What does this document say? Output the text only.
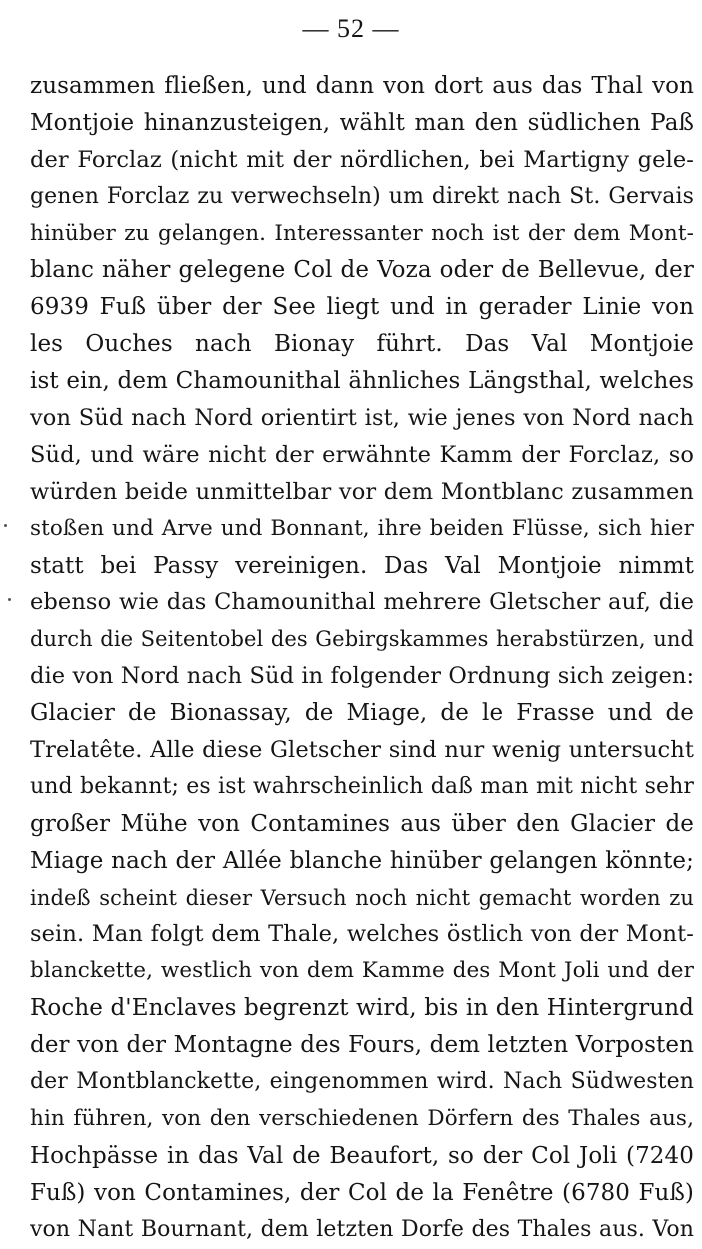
— 52 —
zusammen fließen, und dann von dort aus das Thal von
Montjoie hinanzusteigen, wählt man den südlichen Paß
der Forclaz (nicht mit der nördlichen, bei Martigny gele-
genen Forclaz zu verwechseln) um direkt nach St. Gervais
hinüber zu gelangen. Interessanter noch ist der dem Mont-
blanc näher gelegene Col de Voza oder de Bellevue, der
6939 Fuß über der See liegt und in gerader Linie von
les Ouches nach Bionay führt. Das Val Montjoie
ist ein, dem Chamounithal ähnliches Längsthal, welches
von Süd nach Nord orientirt ist, wie jenes von Nord nach
Süd, und wäre nicht der erwähnte Kamm der Forclaz, so
würden beide unmittelbar vor dem Montblanc zusammen
stoßen und Arve und Bonnant, ihre beiden Flüsse, sich hier
statt bei Passy vereinigen. Das Val Montjoie nimmt
ebenso wie das Chamounithal mehrere Gletscher auf, die
durch die Seitentobel des Gebirgskammes herabstürzen, und
die von Nord nach Süd in folgender Ordnung sich zeigen:
Glacier de Bionassay, de Miage, de le Frasse und de
Trelatête. Alle diese Gletscher sind nur wenig untersucht
und bekannt; es ist wahrscheinlich daß man mit nicht sehr
großer Mühe von Contamines aus über den Glacier de
Miage nach der Allée blanche hinüber gelangen könnte;
indeß scheint dieser Versuch noch nicht gemacht worden zu
sein. Man folgt dem Thale, welches östlich von der Mont-
blanckette, westlich von dem Kamme des Mont Joli und der
Roche d'Enclaves begrenzt wird, bis in den Hintergrund
der von der Montagne des Fours, dem letzten Vorposten
der Montblanckette, eingenommen wird. Nach Südwesten
hin führen, von den verschiedenen Dörfern des Thales aus,
Hochpässe in das Val de Beaufort, so der Col Joli (7240
Fuß) von Contamines, der Col de la Fenêtre (6780 Fuß)
von Nant Bournant, dem letzten Dorfe des Thales aus. Von
